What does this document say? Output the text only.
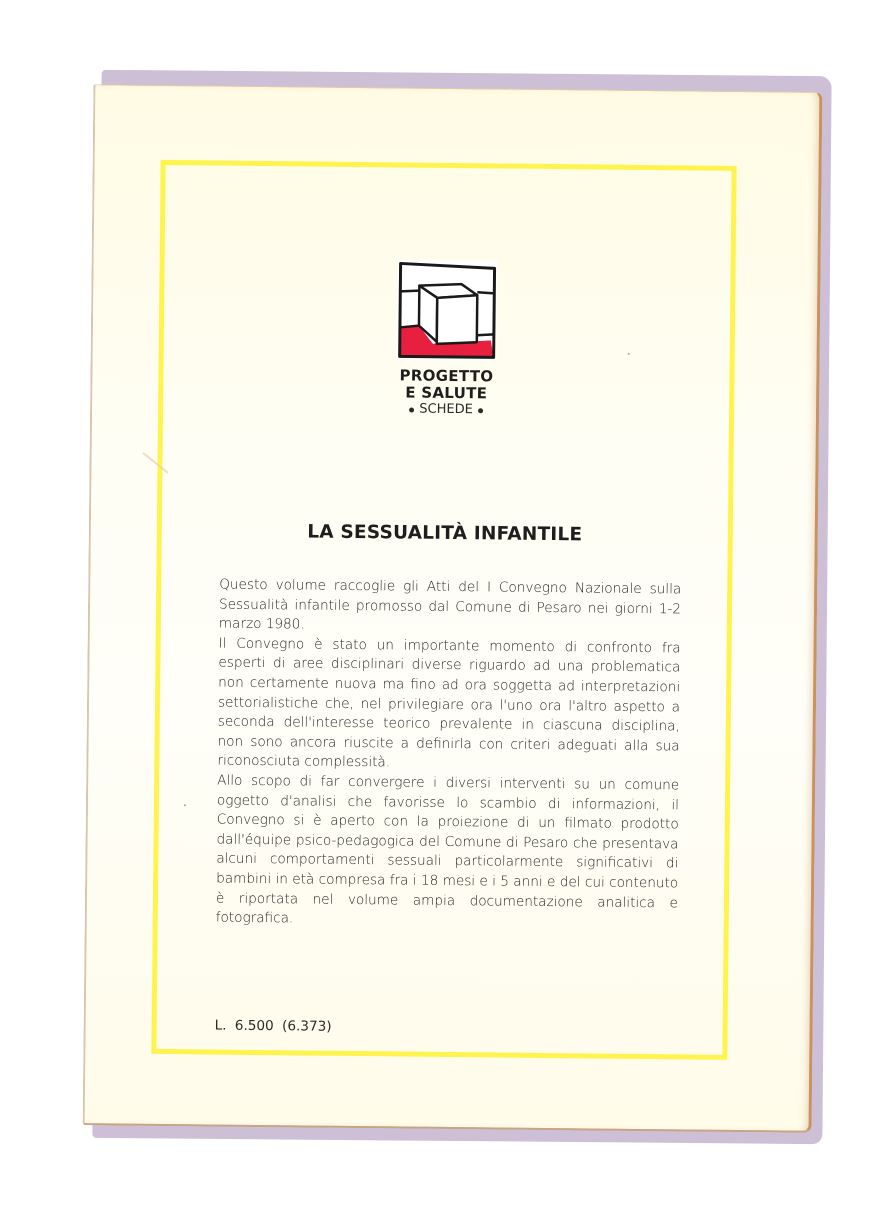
PROGETTO
E SALUTE
SCHEDE
LA SESSUALITÀ INFANTILE

Questo volume raccoglie gli Atti del I Convegno Nazionale sulla Sessualità infantile promosso dal Comune di Pesaro nei giorni 1-2 marzo 1980.

Il Convegno è stato un importante momento di confronto fra esperti di aree disciplinari diverse riguardo ad una problematica non certamente nuova ma fino ad ora soggetta ad interpretazioni settorialistiche che, nel privilegiare ora l'uno ora l'altro aspetto a seconda dell'interesse teorico prevalente in ciascuna disciplina, non sono ancora riuscite a definirla con criteri adeguati alla sua riconosciuta complessità.

Allo scopo di far convergere i diversi interventi su un comune oggetto d'analisi che favorisse lo scambio di informazioni, il Convegno si è aperto con la proiezione di un filmato prodotto dall'équipe psico-pedagogica del Comune di Pesaro che presentava alcuni comportamenti sessuali particolarmente significativi di bambini in età compresa fra i 18 mesi e i 5 anni e del cui contenuto è riportata nel volume ampia documentazione analitica e fotografica.

L. 6.500 (6.373)
